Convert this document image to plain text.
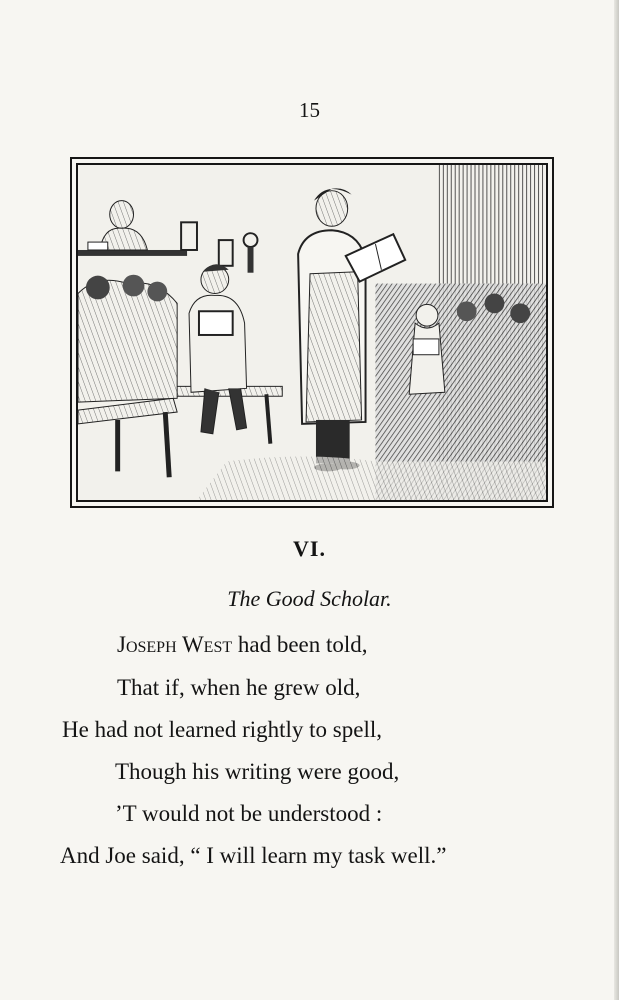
15
VI.
The Good Scholar.
Joseph West had been told,
That if, when he grew old,
He had not learned rightly to spell,
Though his writing were good,
’T would not be understood :
And Joe said, “ I will learn my task well.”
